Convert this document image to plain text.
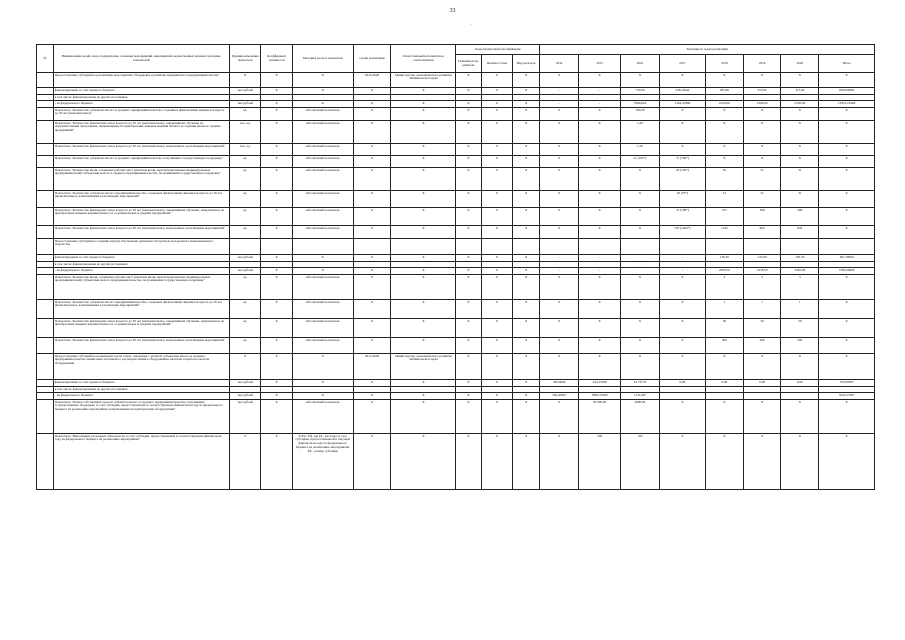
33
·
№	Наименование целей, задач, подпрограмм, основных мероприятий, мероприятий, ведомственных целевых программ, показателей	Единица измерения показателя	Коэффициент значимости	Методика расчета показателя	Сроки реализации	Ответственный исполнитель и соисполнители	Коды бюджетной классификации			Значения по годам реализации							
							Главный распо-рядитель	Целевая статья	Вид расходов	2014	2015	2016	2017	2018	2019	2020	Итого
	Предоставление субсидий на реализацию мероприятия "Поддержка и развитие медицинского предпринимательства"	X	X	X	2016-2020	Министерство экономического развития Забайкальского края	X	X	X	X	X	X	X	X	X	X	X
	финансирование за счет краевого бюджета	тыс.рублей	X	X	X	X	X	X	X	-	-	750,00	228,18242	205,60	255,00	313,00	1800,98362
	в том числе: финансирование из других источников																
	- из федерального бюджета	тыс.рублей	X	X	X	X	X	X	X	-	-	7966,824	3164,47868	1920,00	2390,00	2350,00	15931,10408
	Показатель "Количество субъектов малого и среднего предпринимательства, созданных физическими лицами в возрасте до 30 лет (включительно)"	ед.	X	Абсолютный показатель	X	X	X	X	X	X	X	100,00	X	X	X	X	X
	Показатель "Количество физических лиц в возрасте до 30 лет (включительно), завершивших обучение по образовательным программам, направленным на приобретение навыков ведения бизнеса и создания малых и средних предприятий"	тыс. ед.	X	Абсолютный показатель	X	X	X	X	X	X	X	1,20	X	X	X	X	X
	Показатель "Количество физических лиц в возрасте до 30 лет (включительно), вовлеченных в реализацию мероприятий"	тыс. ед.	X	Абсолютный показатель	X	X	X	X	X	X	X	1,59	X	X	X	X	X
	Показатель "Количество субъектов малого и среднего предпринимательства, получивших государственную поддержку"	ед.	X	Абсолютный показатель	X	X	X	X	X	X	X	21 (165*)	71 (700*)	X	X	X	X
	Показатель "Количество вновь созданных рабочих мест (включая вновь зарегистрированных индивидуальных предпринимателей) субъектами малого и среднего предпринимательства, получившими государственную поддержку"	ед.	X	Абсолютный показатель	X	X	X	X	X	X	X	X	20 (195*)	65	31	31	X
	Показатель "Количество субъектов малого предпринимательства, созданных физическими лицами в возрасте до 30 лет (включительно), вовлеченными в реализацию мероприятий"	ед.	X	Абсолютный показатель	X	X	X	X	X	X	X	X	20 (70*)	31	31	31	X
	Показатель "Количество физических лиц в возрасте до 30 лет (включительно), завершивших обучение, направленное на приобретение навыков ведения бизнеса и создания малых и средних предприятий"	ед.	X	Абсолютный показатель	X	X	X	X	X	X	X	X	75 (708*)	475	309	309	X
	Показатель "Количество физических лиц в возрасте до 30 лет (включительно), вовлеченных в реализацию мероприятий"	ед.	X	Абсолютный показатель	X	X	X	X	X	X	X	X	795 (1620*)	1143	824	824	X
	Предоставление субсидий на создание и (или) обеспечение деятельности центров молодежного инновационного творчества																
	финансирование за счет краевого бюджета	тыс.рублей	X	X	X	X	X	X	X	-	-	-	-	136,50	147,00	163,50	461,50000
	в том числе: финансирование из других источников																
	- из федерального бюджета	тыс.рублей	X	X	X	X	X	X	X	-	-	-	-	2639,50	2378,50	2365,90	7384,00000
	Показатель "Количество вновь созданных рабочих мест (включая вновь зарегистрированных индивидуальных предпринимателей) субъектами малого предпринимательства, получившими государственную поддержку"	ед.	X	Абсолютный показатель	X	X	X	X	X	X	X	X	X	3	3	3	X
	Показатель "Количество субъектов малого предпринимательства, созданных физическими лицами в возрасте до 30 лет (включительно), вовлеченными в реализацию мероприятий"	ед.	X	Абсолютный показатель	X	X	X	X	X	X	X	X	X	1	1	1	X
	Показатель "Количество физических лиц в возрасте до 30 лет (включительно), завершивших обучение, направленное на приобретение навыков ведения бизнеса и создания малых и средних предприятий"	ед.	X	Абсолютный показатель	X	X	X	X	X	X	X	X	X	30	50	50	X
	Показатель "Количество физических лиц в возрасте до 30 лет (включительно), вовлеченных в реализацию мероприятий"	ед.	X	Абсолютный показатель	X	X	X	X	X	X	X	X	X	500	500	500	X
	Предоставление субсидий на возмещение части затрат, связанных с уплатой субъектами малого и среднего предпринимательства лизинговых платежей по договорам лизинга оборудования, включая затраты на монтаж оборудования	X	X	X	2014-2020	Министерство экономического развития Забайкальского края	X	X	X	X	X	X	X	X	X	X	X
	финансирование за счет краевого бюджета	тыс.рублей	X	X	X	X	X	X	X	300,0000	343,27408	61,73179	0,00	0,00	0,00	0,00	705,00587
	в том числе: финансирование из других источников																
	- из федерального бюджета	тыс.рублей	X	X	X	X	X	X	X	584,45867	5865,21000	1172,907					7622,57567
	Показатель "Размер собственных средств субъектов малого и среднего предпринимательства, получивших государственную поддержку за счет субсидии, предоставленной в соответствующем финансовом году из федерального бюджета на реализацию мероприятия, направленных на приобретение оборудования"	тыс.рублей	X	Абсолютный показатель	X	X	X	X	X	X	30 000,00	2900,00	X	X	X	X	X
	Показатель "Выполнение расходных обязательств за счет субсидии, предоставленной в соответствующем финансовом году из федерального бюджета на реализацию мероприятия"	%	X	P=Pк / Pф, где Pк - расходы за счет субсидии, предоставленной в текущем финансовом году из федерального бюджета на реализацию мероприятия, Pф - размер субсидии	X	X	X	X	X	X	100	100	X	X	X	X	X
